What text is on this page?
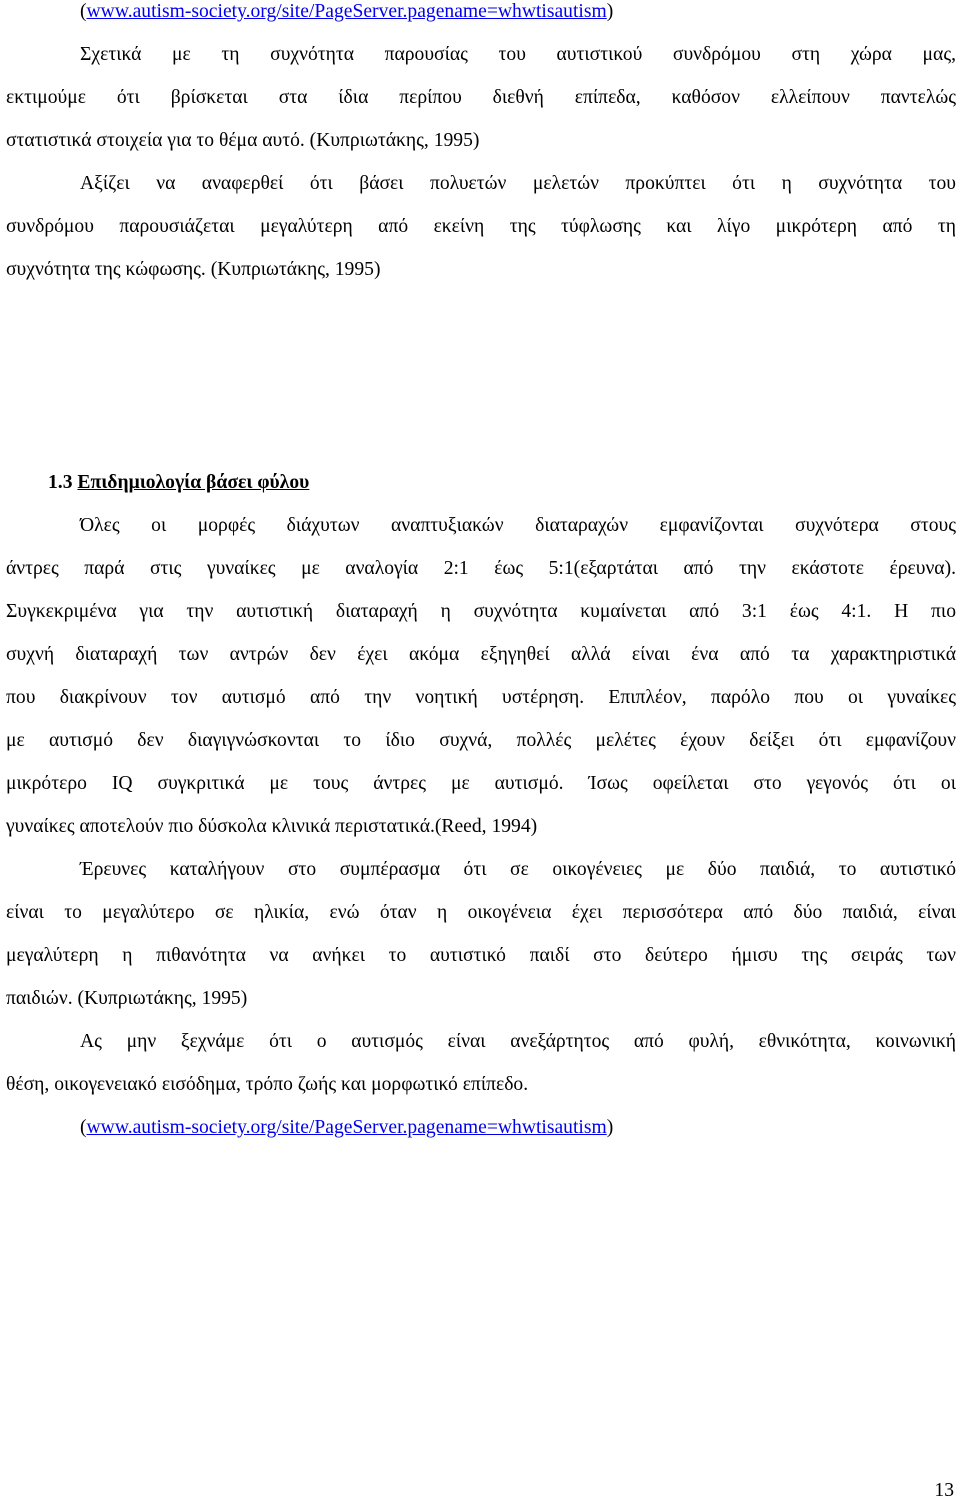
(www.autism-society.org/site/PageServer.pagename=whwtisautism)

Σχετικά με τη συχνότητα παρουσίας του αυτιστικού συνδρόμου στη χώρα μας,

εκτιμούμε ότι βρίσκεται στα ίδια περίπου διεθνή επίπεδα, καθόσον ελλείπουν παντελώς

στατιστικά στοιχεία για το θέμα αυτό. (Κυπριωτάκης, 1995)

Αξίζει να αναφερθεί ότι βάσει πολυετών μελετών προκύπτει ότι η συχνότητα του

συνδρόμου παρουσιάζεται μεγαλύτερη από εκείνη της τύφλωσης και λίγο μικρότερη από τη

συχνότητα της κώφωσης. (Κυπριωτάκης, 1995)

1.3 Επιδημιολογία βάσει φύλου

Όλες οι μορφές διάχυτων αναπτυξιακών διαταραχών εμφανίζονται συχνότερα στους

άντρες παρά στις γυναίκες με αναλογία 2:1 έως 5:1(εξαρτάται από την εκάστοτε έρευνα).

Συγκεκριμένα για την αυτιστική διαταραχή η συχνότητα κυμαίνεται από 3:1 έως 4:1. Η πιο

συχνή διαταραχή των αντρών δεν έχει ακόμα εξηγηθεί αλλά είναι ένα από τα χαρακτηριστικά

που διακρίνουν τον αυτισμό από την νοητική υστέρηση. Επιπλέον, παρόλο που οι γυναίκες

με αυτισμό δεν διαγιγνώσκονται το ίδιο συχνά, πολλές μελέτες έχουν δείξει ότι εμφανίζουν

μικρότερο IQ συγκριτικά με τους άντρες με αυτισμό. Ίσως οφείλεται στο γεγονός ότι οι

γυναίκες αποτελούν πιο δύσκολα κλινικά περιστατικά.(Reed, 1994)

Έρευνες καταλήγουν στο συμπέρασμα ότι σε οικογένειες με δύο παιδιά, το αυτιστικό

είναι το μεγαλύτερο σε ηλικία, ενώ όταν η οικογένεια έχει περισσότερα από δύο παιδιά, είναι

μεγαλύτερη η πιθανότητα να ανήκει το αυτιστικό παιδί στο δεύτερο ήμισυ της σειράς των

παιδιών. (Κυπριωτάκης, 1995)

Ας μην ξεχνάμε ότι ο αυτισμός είναι ανεξάρτητος από φυλή, εθνικότητα, κοινωνική

θέση, οικογενειακό εισόδημα, τρόπο ζωής και μορφωτικό επίπεδο.

(www.autism-society.org/site/PageServer.pagename=whwtisautism)

13
